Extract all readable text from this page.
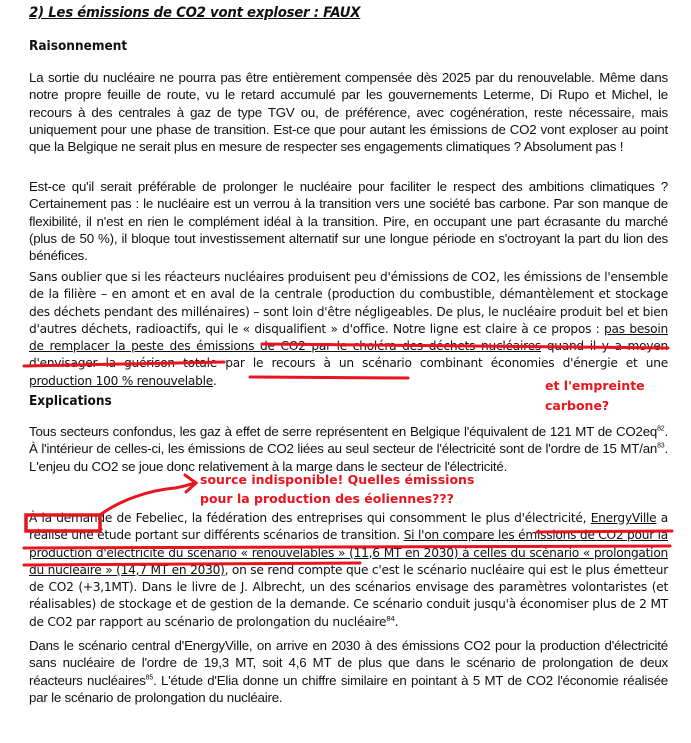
2) Les émissions de CO2 vont exploser : FAUX
Raisonnement
La sortie du nucléaire ne pourra pas être entièrement compensée dès 2025 par du renouvelable. Même dans notre propre feuille de route, vu le retard accumulé par les gouvernements Leterme, Di Rupo et Michel, le recours à des centrales à gaz de type TGV ou, de préférence, avec cogénération, reste nécessaire, mais uniquement pour une phase de transition. Est-ce que pour autant les émissions de CO2 vont exploser au point que la Belgique ne serait plus en mesure de respecter ses engagements climatiques ? Absolument pas !
Est-ce qu'il serait préférable de prolonger le nucléaire pour faciliter le respect des ambitions climatiques ? Certainement pas : le nucléaire est un verrou à la transition vers une société bas carbone. Par son manque de flexibilité, il n'est en rien le complément idéal à la transition. Pire, en occupant une part écrasante du marché (plus de 50 %), il bloque tout investissement alternatif sur une longue période en s'octroyant la part du lion des bénéfices.
Sans oublier que si les réacteurs nucléaires produisent peu d'émissions de CO2, les émissions de l'ensemble de la filière – en amont et en aval de la centrale (production du combustible, démantèlement et stockage des déchets pendant des millénaires) – sont loin d'être négligeables. De plus, le nucléaire produit bel et bien d'autres déchets, radioactifs, qui le « disqualifient » d'office. Notre ligne est claire à ce propos : pas besoin de remplacer la peste des émissions de CO2 par le choléra des déchets nucléaires quand il y a moyen d'envisager la guérison totale par le recours à un scénario combinant économies d'énergie et une production 100 % renouvelable.
Explications
Tous secteurs confondus, les gaz à effet de serre représentent en Belgique l'équivalent de 121 MT de $CO2eq^{82}$. À l'intérieur de celles-ci, les émissions de CO2 liées au seul secteur de l'électricité sont de l'ordre de 15 $MT/an^{83}$. L'enjeu du CO2 se joue donc relativement à la marge dans le secteur de l'électricité.
À la demande de Febeliec, la fédération des entreprises qui consomment le plus d'électricité, EnergyVille a réalisé une étude portant sur différents scénarios de transition. Si l'on compare les émissions de CO2 pour la production d'électricité du scénario « renouvelables » (11,6 MT en 2030) à celles du scénario « prolongation du nucléaire » (14,7 MT en 2030), on se rend compte que c'est le scénario nucléaire qui est le plus émetteur de CO2 (+3,1MT). Dans le livre de J. Albrecht, un des scénarios envisage des paramètres volontaristes (et réalisables) de stockage et de gestion de la demande. Ce scénario conduit jusqu'à économiser plus de 2 MT de CO2 par rapport au scénario de prolongation du nucléaire$^{84}$.
Dans le scénario central d'EnergyVille, on arrive en 2030 à des émissions CO2 pour la production d'électricité sans nucléaire de l'ordre de 19,3 MT, soit 4,6 MT de plus que dans le scénario de prolongation de deux réacteurs nucléaires$^{85}$. L'étude d'Elia donne un chiffre similaire en pointant à 5 MT de CO2 l'économie réalisée par le scénario de prolongation du nucléaire.
et l'empreinte
carbone?
source indisponible! Quelles émissions
pour la production des éoliennes???
